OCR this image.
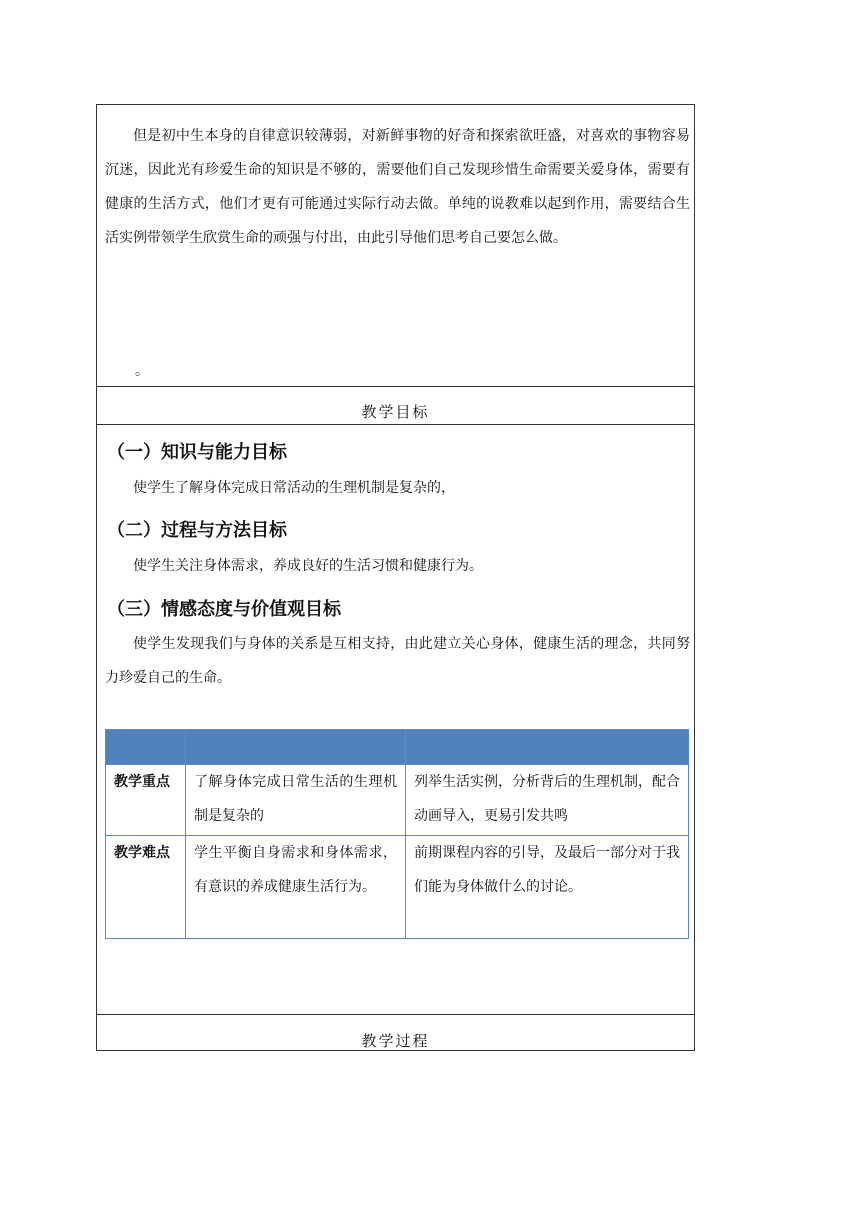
但是初中生本身的自律意识较薄弱，对新鲜事物的好奇和探索欲旺盛，对喜欢的事物容易沉迷，因此光有珍爱生命的知识是不够的，需要他们自己发现珍惜生命需要关爱身体，需要有健康的生活方式，他们才更有可能通过实际行动去做。单纯的说教难以起到作用，需要结合生活实例带领学生欣赏生命的顽强与付出，由此引导他们思考自己要怎么做。

。
教学目标
（一）知识与能力目标

使学生了解身体完成日常活动的生理机制是复杂的，

（二）过程与方法目标

使学生关注身体需求，养成良好的生活习惯和健康行为。

（三）情感态度与价值观目标

使学生发现我们与身体的关系是互相支持，由此建立关心身体，健康生活的理念，共同努力珍爱自己的生命。

教学重点	了解身体完成日常生活的生理机制是复杂的	列举生活实例，分析背后的生理机制，配合动画导入，更易引发共鸣
教学难点	学生平衡自身需求和身体需求，有意识的养成健康生活行为。	前期课程内容的引导，及最后一部分对于我们能为身体做什么的讨论。
教学过程
